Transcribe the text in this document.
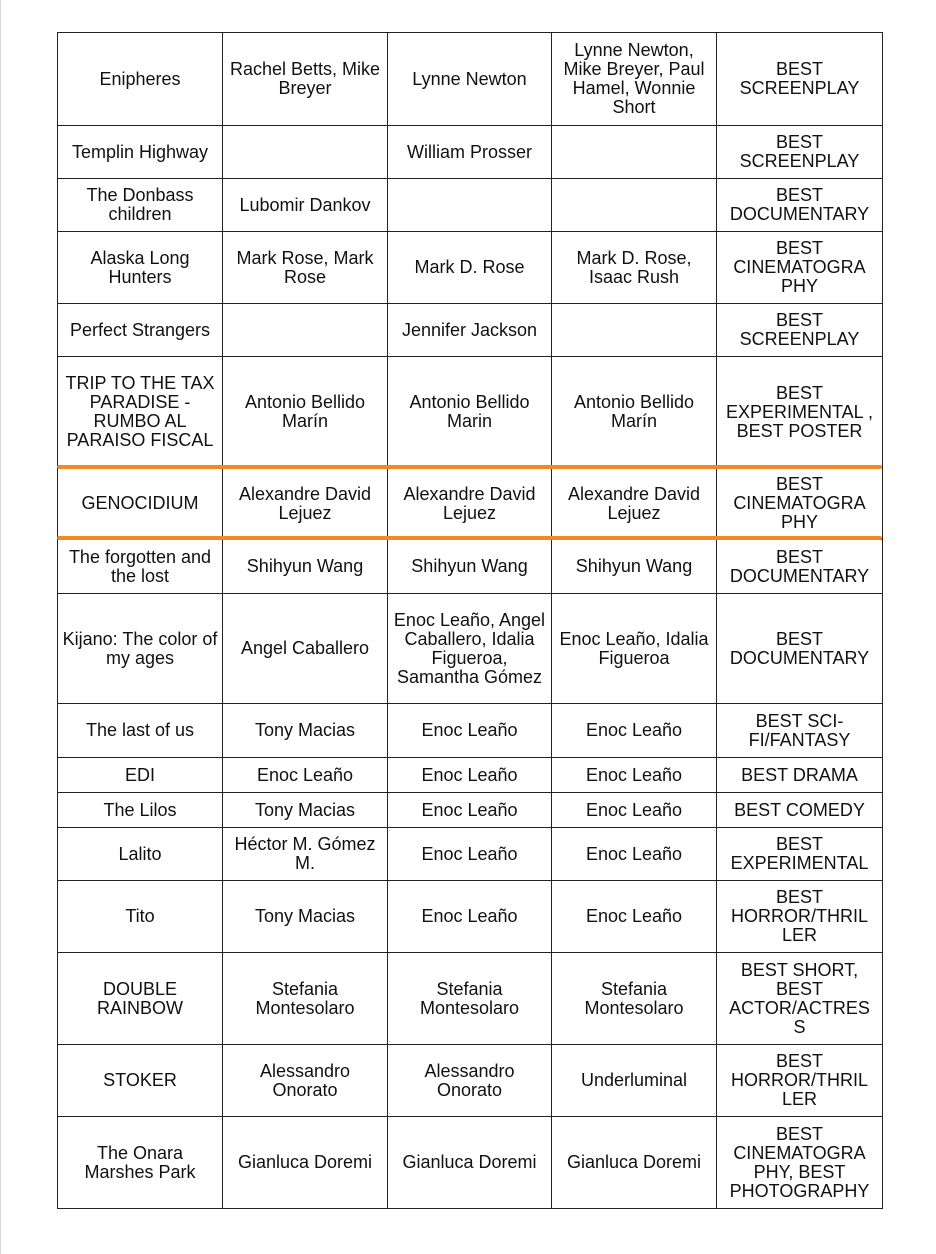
Enipheres	Rachel Betts, Mike Breyer	Lynne Newton	Lynne Newton, Mike Breyer, Paul Hamel, Wonnie Short	BEST SCREENPLAY
Templin Highway		William Prosser		BEST SCREENPLAY
The Donbass children	Lubomir Dankov			BEST DOCUMENTARY
Alaska Long Hunters	Mark Rose, Mark Rose	Mark D. Rose	Mark D. Rose, Isaac Rush	BEST CINEMATOGRA PHY
Perfect Strangers		Jennifer Jackson		BEST SCREENPLAY
TRIP TO THE TAX PARADISE - RUMBO AL PARAISO FISCAL	Antonio Bellido Marín	Antonio Bellido Marin	Antonio Bellido Marín	BEST EXPERIMENTAL , BEST POSTER
GENOCIDIUM	Alexandre David Lejuez	Alexandre David Lejuez	Alexandre David Lejuez	BEST CINEMATOGRA PHY
The forgotten and the lost	Shihyun Wang	Shihyun Wang	Shihyun Wang	BEST DOCUMENTARY
Kijano: The color of my ages	Angel Caballero	Enoc Leaño, Angel Caballero, Idalia Figueroa, Samantha Gómez	Enoc Leaño, Idalia Figueroa	BEST DOCUMENTARY
The last of us	Tony Macias	Enoc Leaño	Enoc Leaño	BEST SCI-FI/FANTASY
EDI	Enoc Leaño	Enoc Leaño	Enoc Leaño	BEST DRAMA
The Lilos	Tony Macias	Enoc Leaño	Enoc Leaño	BEST COMEDY
Lalito	Héctor M. Gómez M.	Enoc Leaño	Enoc Leaño	BEST EXPERIMENTAL
Tito	Tony Macias	Enoc Leaño	Enoc Leaño	BEST HORROR/THRIL LER
DOUBLE RAINBOW	Stefania Montesolaro	Stefania Montesolaro	Stefania Montesolaro	BEST SHORT, BEST ACTOR/ACTRES S
STOKER	Alessandro Onorato	Alessandro Onorato	Underluminal	BEST HORROR/THRIL LER
The Onara Marshes Park	Gianluca Doremi	Gianluca Doremi	Gianluca Doremi	BEST CINEMATOGRA PHY, BEST PHOTOGRAPHY
